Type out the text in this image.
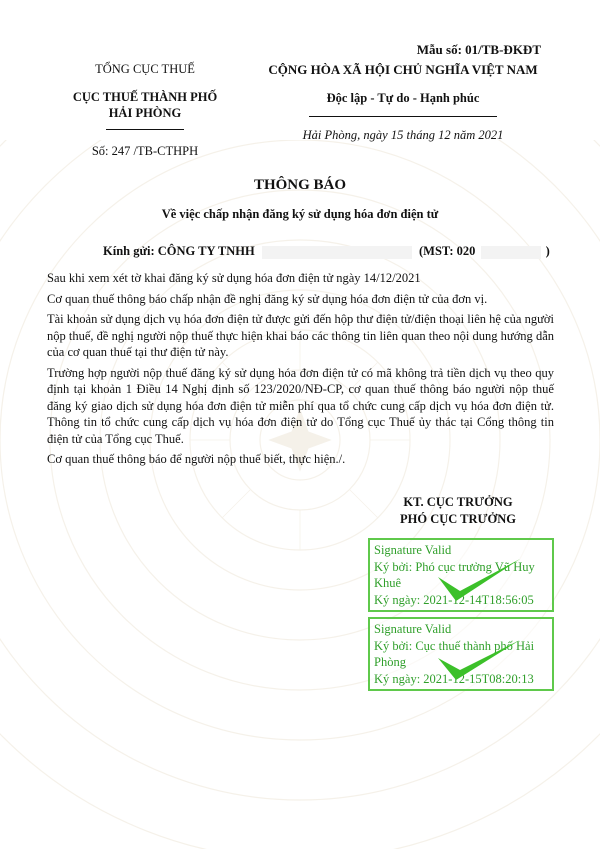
Mẫu số: 01/TB-ĐKĐT
TỔNG CỤC THUẾ
CỤC THUẾ THÀNH PHỐ HẢI PHÒNG
Số: 247 /TB-CTHPH
CỘNG HÒA XÃ HỘI CHỦ NGHĨA VIỆT NAM
Độc lập - Tự do - Hạnh phúc
Hải Phòng, ngày 15 tháng 12 năm 2021
THÔNG BÁO
Về việc chấp nhận đăng ký sử dụng hóa đơn điện tử
Kính gửi: CÔNG TY TNHH	(MST: 020	)

Sau khi xem xét tờ khai đăng ký sử dụng hóa đơn điện tử ngày 14/12/2021

Cơ quan thuế thông báo chấp nhận đề nghị đăng ký sử dụng hóa đơn điện tử của đơn vị.

Tài khoản sử dụng dịch vụ hóa đơn điện tử được gửi đến hộp thư điện tử/điện thoại liên hệ của người nộp thuế, đề nghị người nộp thuế thực hiện khai báo các thông tin liên quan theo nội dung hướng dẫn của cơ quan thuế tại thư điện tử này.

Trường hợp người nộp thuế đăng ký sử dụng hóa đơn điện tử có mã không trả tiền dịch vụ theo quy định tại khoản 1 Điều 14 Nghị định số 123/2020/NĐ-CP, cơ quan thuế thông báo người nộp thuế đăng ký giao dịch sử dụng hóa đơn điện tử miễn phí qua tổ chức cung cấp dịch vụ hóa đơn điện tử. Thông tin tổ chức cung cấp dịch vụ hóa đơn điện tử do Tổng cục Thuế ủy thác tại Cổng thông tin điện tử của Tổng cục Thuế.

Cơ quan thuế thông báo để người nộp thuế biết, thực hiện./.

KT. CỤC TRƯỞNG
PHÓ CỤC TRƯỞNG
Signature Valid
Ký bởi: Phó cục trưởng Vũ Huy Khuê
Ký ngày: 2021-12-14T18:56:05
Signature Valid
Ký bởi: Cục thuế thành phố Hải Phòng
Ký ngày: 2021-12-15T08:20:13
